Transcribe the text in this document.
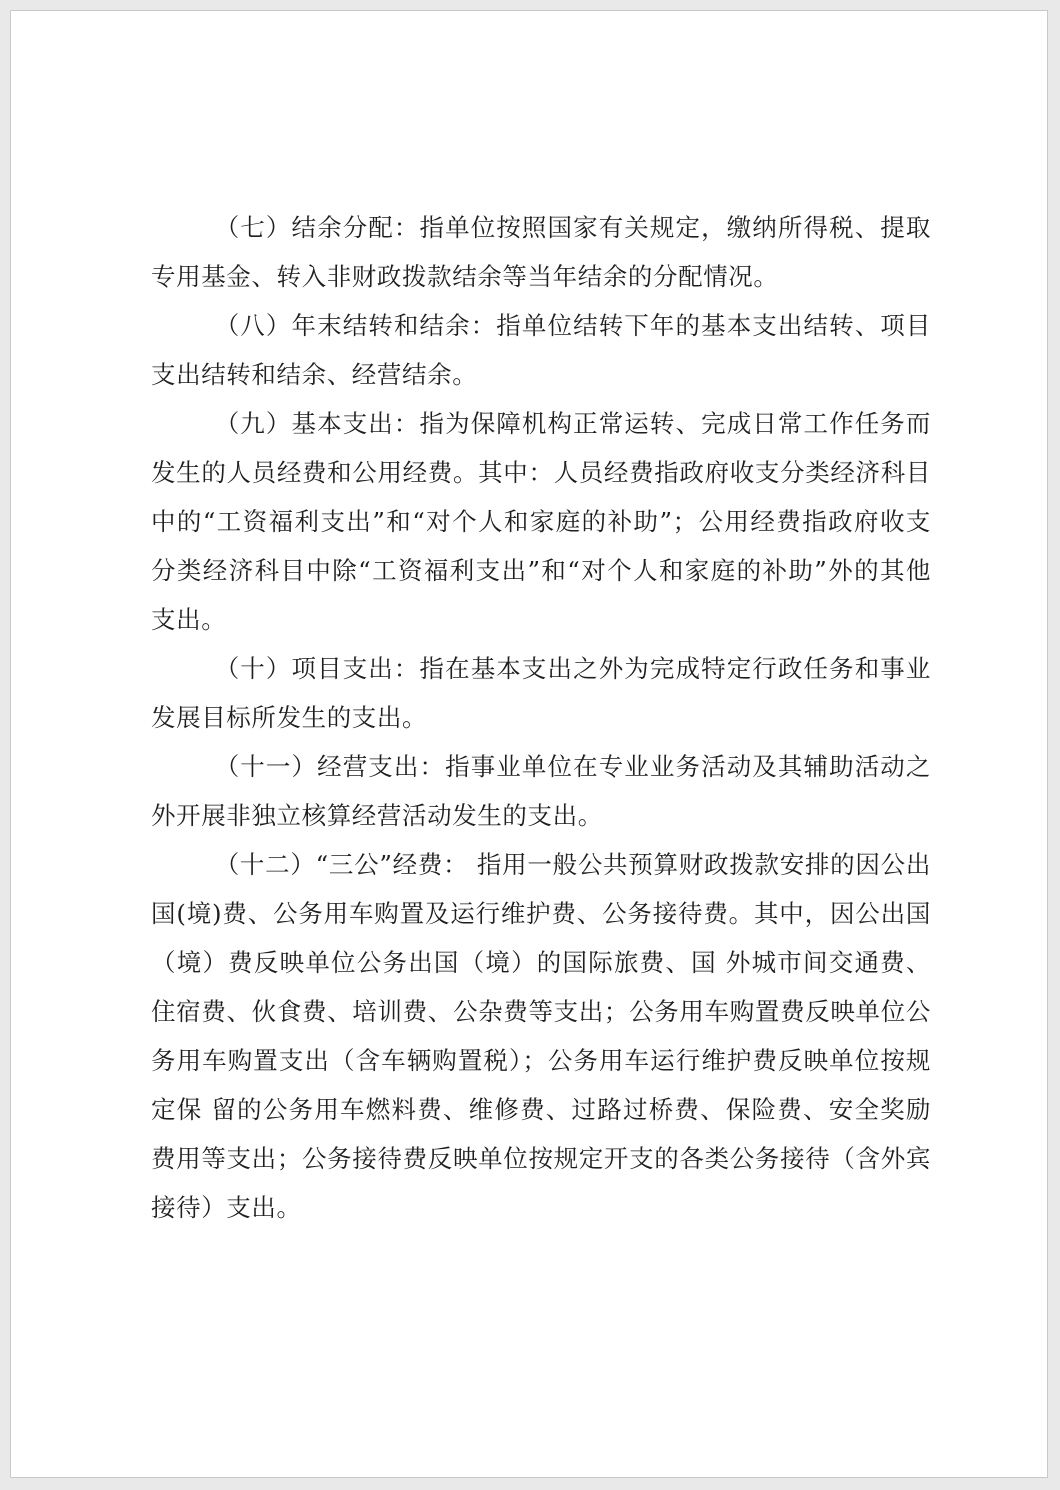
（七）结余分配：指单位按照国家有关规定，缴纳所得税、提取专用基金、转入非财政拨款结余等当年结余的分配情况。

（八）年末结转和结余：指单位结转下年的基本支出结转、项目支出结转和结余、经营结余。

（九）基本支出：指为保障机构正常运转、完成日常工作任务而发生的人员经费和公用经费。其中：人员经费指政府收支分类经济科目中的“工资福利支出”和“对个人和家庭的补助”；公用经费指政府收支分类经济科目中除“工资福利支出”和“对个人和家庭的补助”外的其他支出。

（十）项目支出：指在基本支出之外为完成特定行政任务和事业发展目标所发生的支出。

（十一）经营支出：指事业单位在专业业务活动及其辅助活动之外开展非独立核算经营活动发生的支出。

（十二）“三公”经费： 指用一般公共预算财政拨款安排的因公出国(境)费、公务用车购置及运行维护费、公务接待费。其中，因公出国（境）费反映单位公务出国（境）的国际旅费、国 外城市间交通费、住宿费、伙食费、培训费、公杂费等支出；公务用车购置费反映单位公务用车购置支出（含车辆购置税）；公务用车运行维护费反映单位按规定保 留的公务用车燃料费、维修费、过路过桥费、保险费、安全奖励费用等支出；公务接待费反映单位按规定开支的各类公务接待（含外宾接待）支出。
